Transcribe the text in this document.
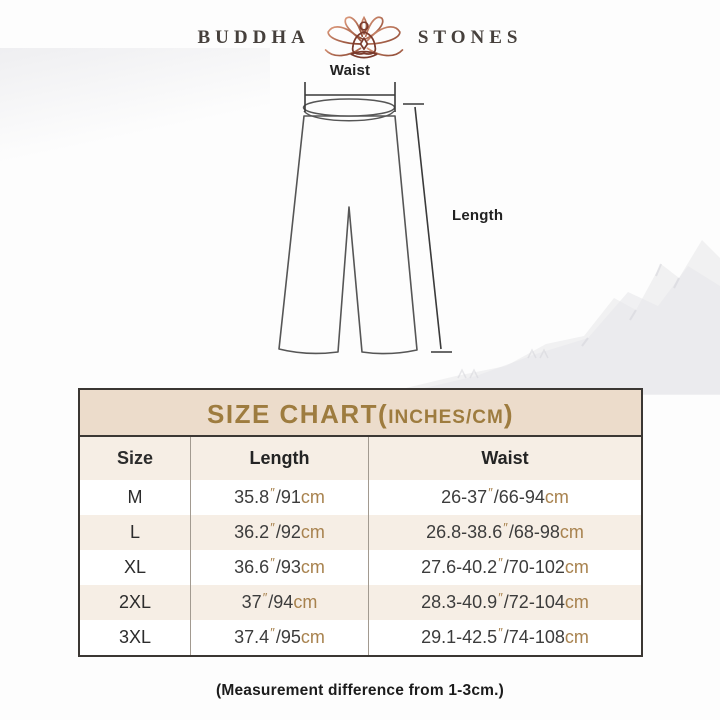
BUDDHA	STONES
Waist
Length
SIZE CHART( INCHES/CM )
Size	Length	Waist
M	35.8 ″ /91 cm	26-37 ″ /66-94 cm
L	36.2 ″ /92 cm	26.8-38.6 ″ /68-98 cm
XL	36.6 ″ /93 cm	27.6-40.2 ″ /70-102 cm
2XL	37 ″ /94 cm	28.3-40.9 ″ /72-104 cm
3XL	37.4 ″ /95 cm	29.1-42.5 ″ /74-108 cm
(Measurement difference from 1-3cm.)
